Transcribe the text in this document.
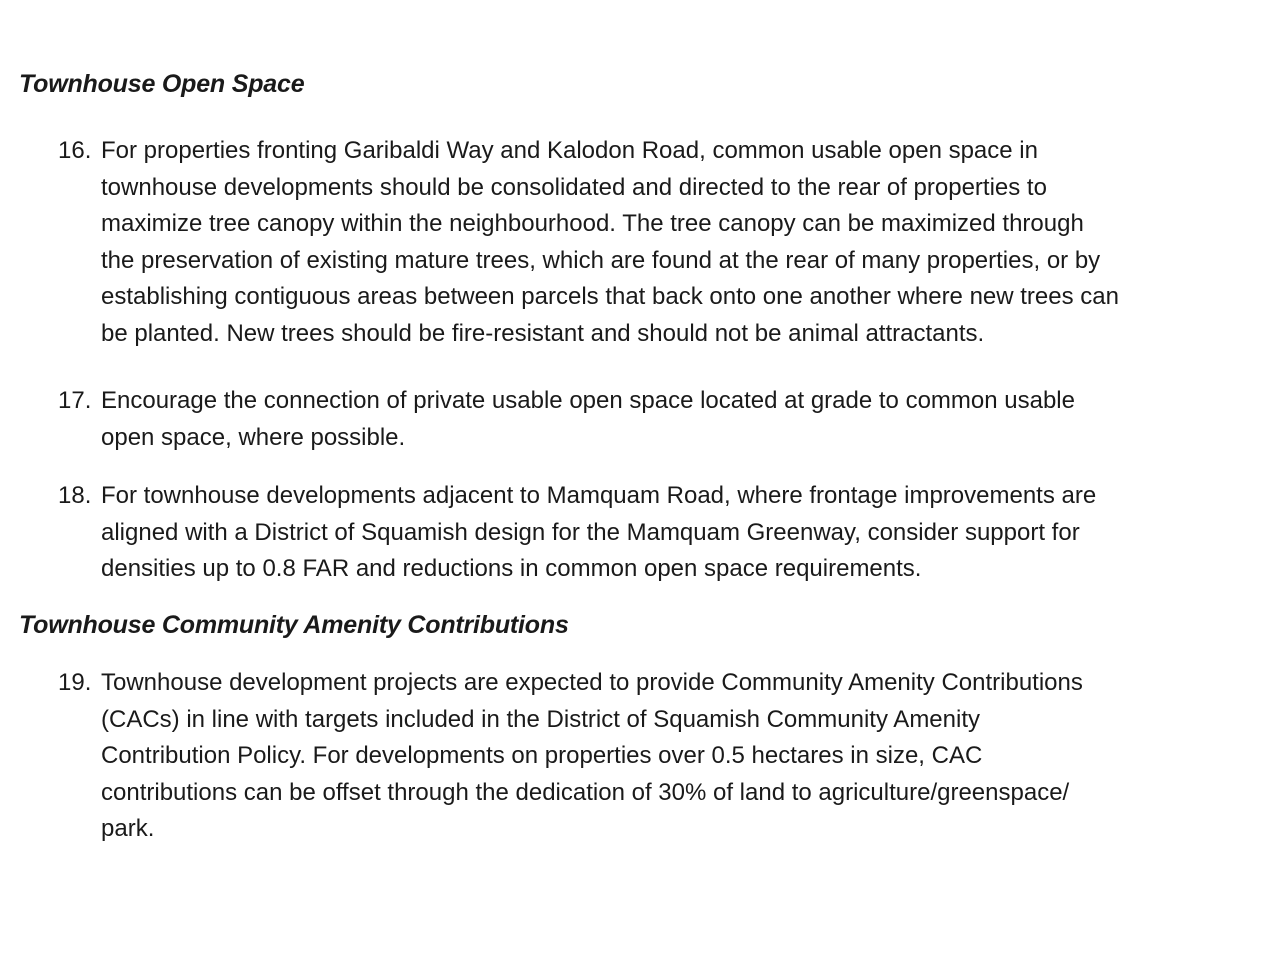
Townhouse Open Space
16. For properties fronting Garibaldi Way and Kalodon Road, common usable open space in
townhouse developments should be consolidated and directed to the rear of properties to
maximize tree canopy within the neighbourhood. The tree canopy can be maximized through
the preservation of existing mature trees, which are found at the rear of many properties, or by
establishing contiguous areas between parcels that back onto one another where new trees can
be planted. New trees should be fire-resistant and should not be animal attractants.
17. Encourage the connection of private usable open space located at grade to common usable
open space, where possible.
18. For townhouse developments adjacent to Mamquam Road, where frontage improvements are
aligned with a District of Squamish design for the Mamquam Greenway, consider support for
densities up to 0.8 FAR and reductions in common open space requirements.
Townhouse Community Amenity Contributions
19. Townhouse development projects are expected to provide Community Amenity Contributions
(CACs) in line with targets included in the District of Squamish Community Amenity
Contribution Policy. For developments on properties over 0.5 hectares in size, CAC
contributions can be offset through the dedication of 30% of land to agriculture/greenspace/
park.
